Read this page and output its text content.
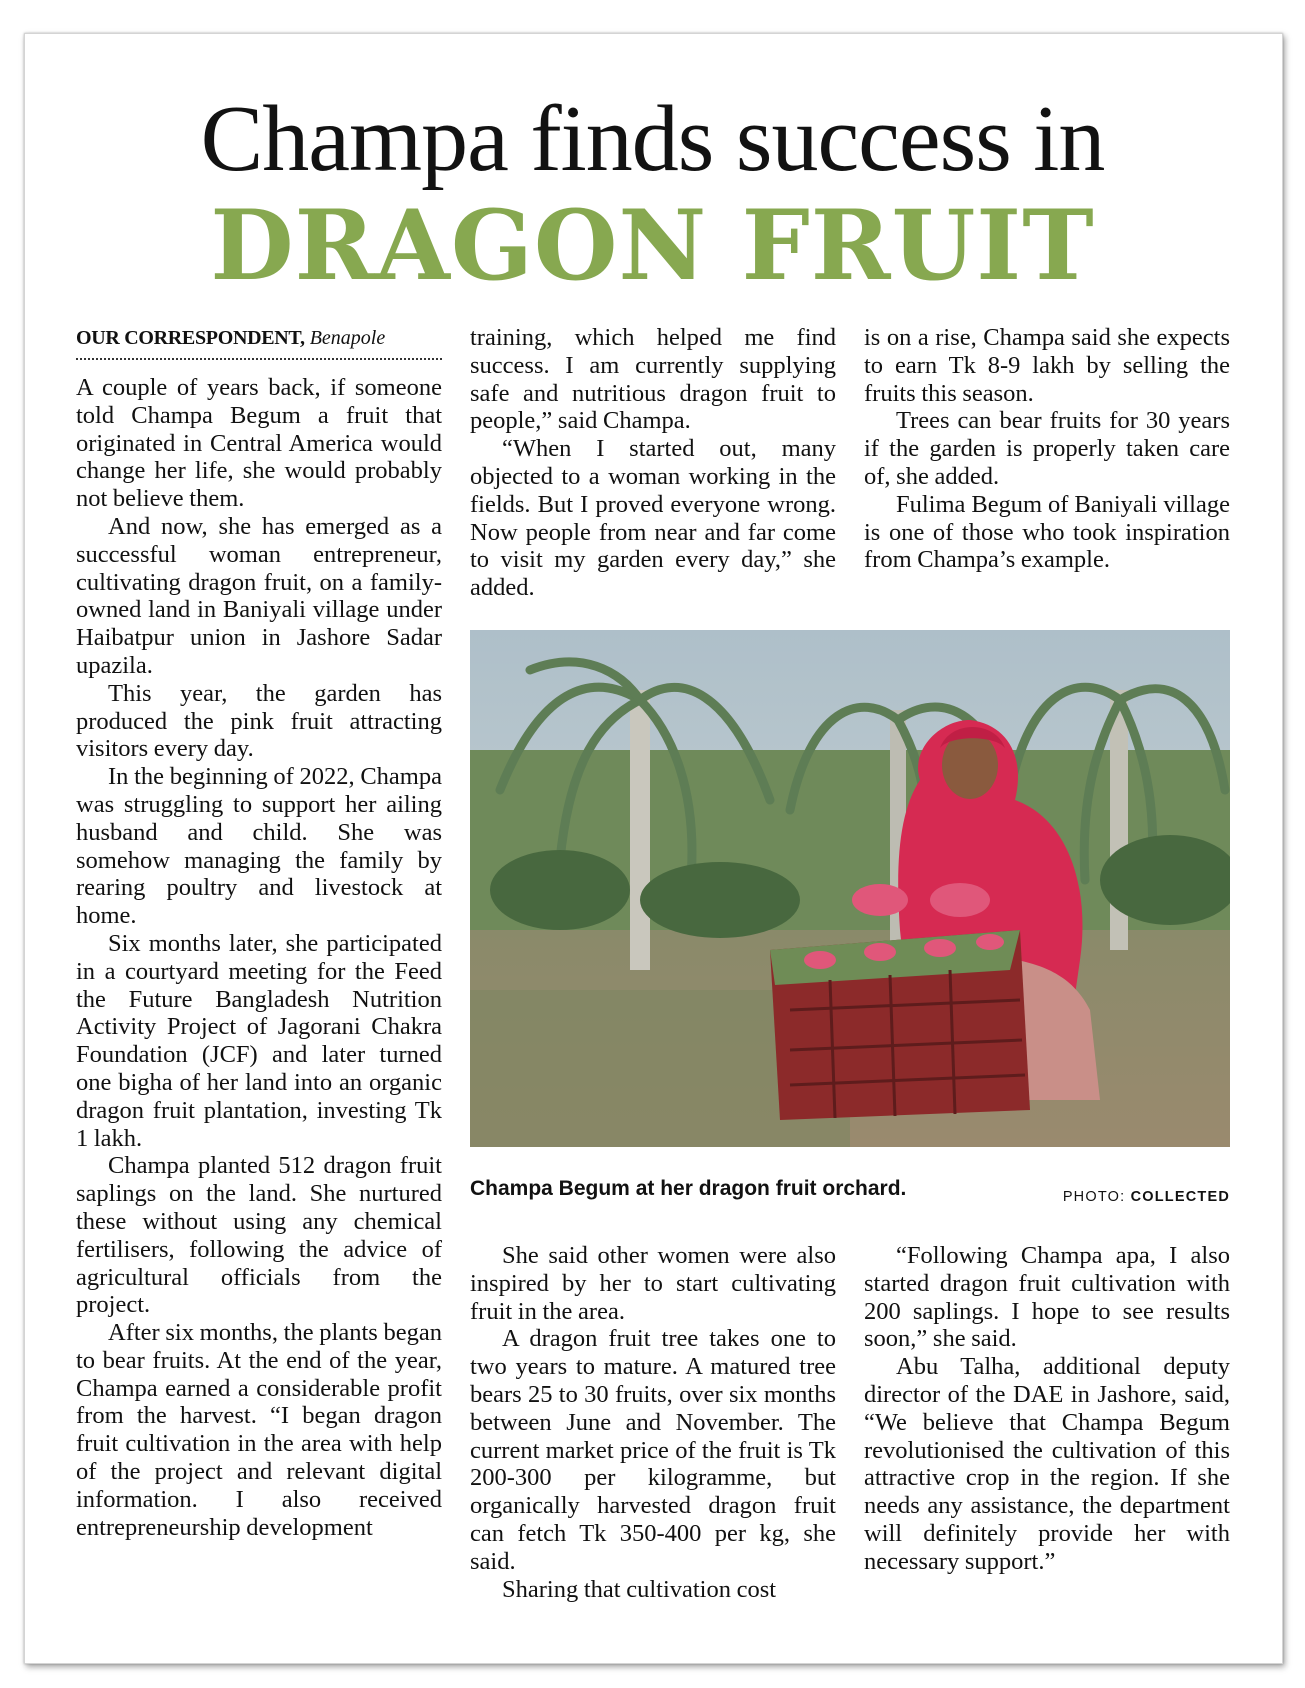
Champa finds success in
DRAGON FRUIT
OUR CORRESPONDENT, Benapole

A couple of years back, if someone told Champa Begum a fruit that originated in Central America would change her life, she would probably not believe them.

And now, she has emerged as a successful woman entrepreneur, cultivating dragon fruit, on a family-owned land in Baniyali village under Haibatpur union in Jashore Sadar upazila.

This year, the garden has produced the pink fruit attracting visitors every day.

In the beginning of 2022, Champa was struggling to support her ailing husband and child. She was somehow managing the family by rearing poultry and livestock at home.

Six months later, she participated in a courtyard meeting for the Feed the Future Bangladesh Nutrition Activity Project of Jagorani Chakra Foundation (JCF) and later turned one bigha of her land into an organic dragon fruit plantation, investing Tk 1 lakh.

Champa planted 512 dragon fruit saplings on the land. She nurtured these without using any chemical fertilisers, following the advice of agricultural officials from the project.

After six months, the plants began to bear fruits. At the end of the year, Champa earned a considerable profit from the harvest. “I began dragon fruit cultivation in the area with help of the project and relevant digital information. I also received entrepreneurship development

training, which helped me find success. I am currently supplying safe and nutritious dragon fruit to people,” said Champa.

“When I started out, many objected to a woman working in the fields. But I proved everyone wrong. Now people from near and far come to visit my garden every day,” she added.

is on a rise, Champa said she expects to earn Tk 8-9 lakh by selling the fruits this season.

Trees can bear fruits for 30 years if the garden is properly taken care of, she added.

Fulima Begum of Baniyali village is one of those who took inspiration from Champa’s example.

Champa Begum at her dragon fruit orchard.	PHOTO: COLLECTED

She said other women were also inspired by her to start cultivating fruit in the area.

A dragon fruit tree takes one to two years to mature. A matured tree bears 25 to 30 fruits, over six months between June and November. The current market price of the fruit is Tk 200-300 per kilogramme, but organically harvested dragon fruit can fetch Tk 350-400 per kg, she said.

Sharing that cultivation cost

“Following Champa apa, I also started dragon fruit cultivation with 200 saplings. I hope to see results soon,” she said.

Abu Talha, additional deputy director of the DAE in Jashore, said, “We believe that Champa Begum revolutionised the cultivation of this attractive crop in the region. If she needs any assistance, the department will definitely provide her with necessary support.”
